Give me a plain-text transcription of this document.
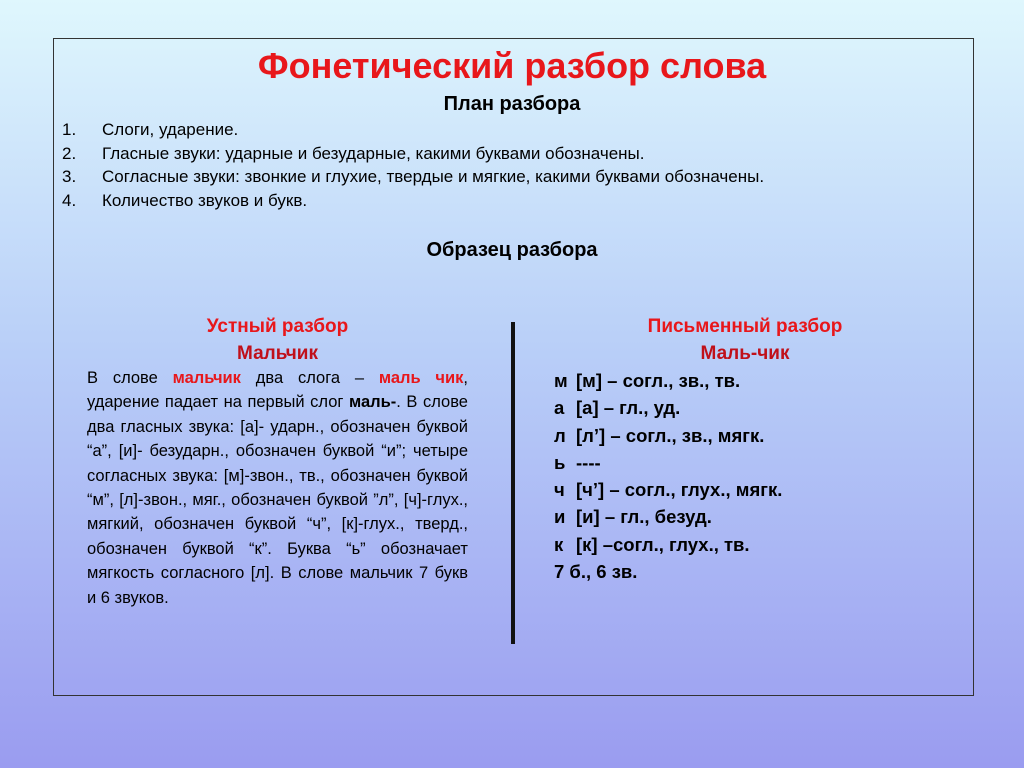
Фонетический разбор слова
План разбора
1. Слоги, ударение.
2. Гласные звуки: ударные и безударные, какими буквами обозначены.
3. Согласные звуки: звонкие и глухие, твердые и мягкие, какими буквами обозначены.
4. Количество звуков и букв.
Образец разбора
Устный разбор
Мальчик

В слове мальчик два слога – маль чик, ударение падает на первый слог маль-. В слове два гласных звука: [а]- ударн., обозначен буквой “а”, [и]- безударн., обозначен буквой “и”; четыре согласных звука: [м]-звон., тв., обозначен буквой “м”, [л]-звон., мяг., обозначен буквой ”л”, [ч]-глух., мягкий, обозначен буквой “ч”, [к]-глух., тверд., обозначен буквой “к”. Буква “ь” обозначает мягкость согласного [л]. В слове мальчик 7 букв и 6 звуков.

Письменный разбор
Маль-чик
м [м] – согл., зв., тв.
а [а] – гл., уд.
л [л’] – согл., зв., мягк.
ь ----
ч [ч’] – согл., глух., мягк.
и [и] – гл., безуд.
к [к] –согл., глух., тв.
7 б., 6 зв.
